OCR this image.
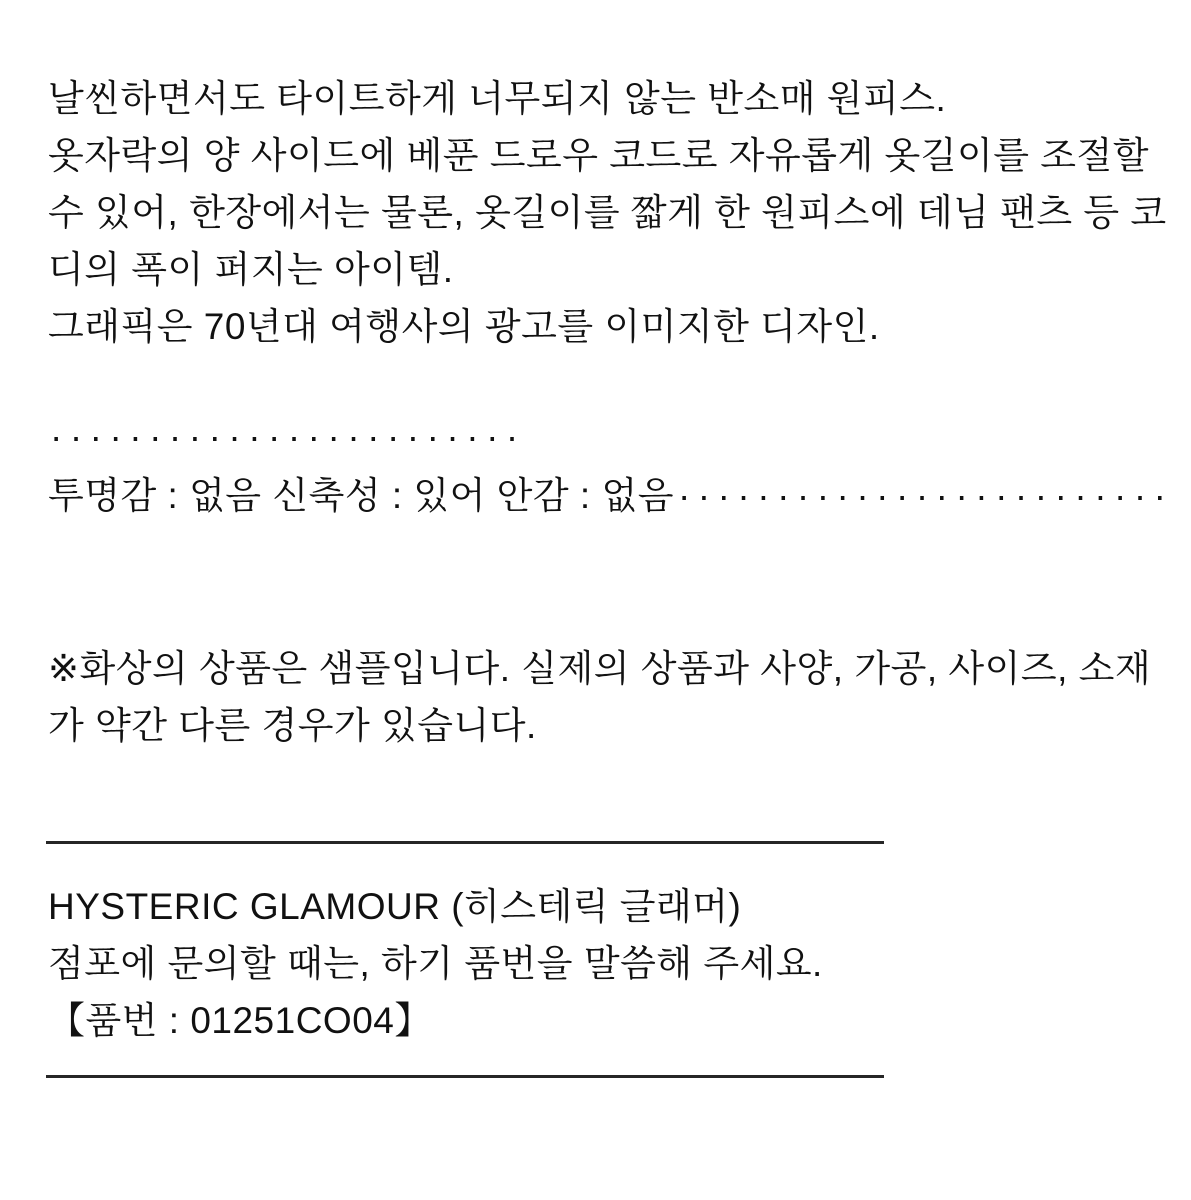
날씬하면서도 타이트하게 너무되지 않는 반소매 원피스.

옷자락의 양 사이드에 베푼 드로우 코드로 자유롭게 옷길이를 조절할

수 있어, 한장에서는 물론, 옷길이를 짧게 한 원피스에 데님 팬츠 등 코

디의 폭이 퍼지는 아이템.

그래픽은 70년대 여행사의 광고를 이미지한 디자인.

························
투명감 : 없음 신축성 : 있어 안감 : 없음 ·························

※화상의 상품은 샘플입니다. 실제의 상품과 사양, 가공, 사이즈, 소재

가 약간 다른 경우가 있습니다.

HYSTERIC GLAMOUR (히스테릭 글래머)

점포에 문의할 때는, 하기 품번을 말씀해 주세요.

【품번 : 01251CO04】
